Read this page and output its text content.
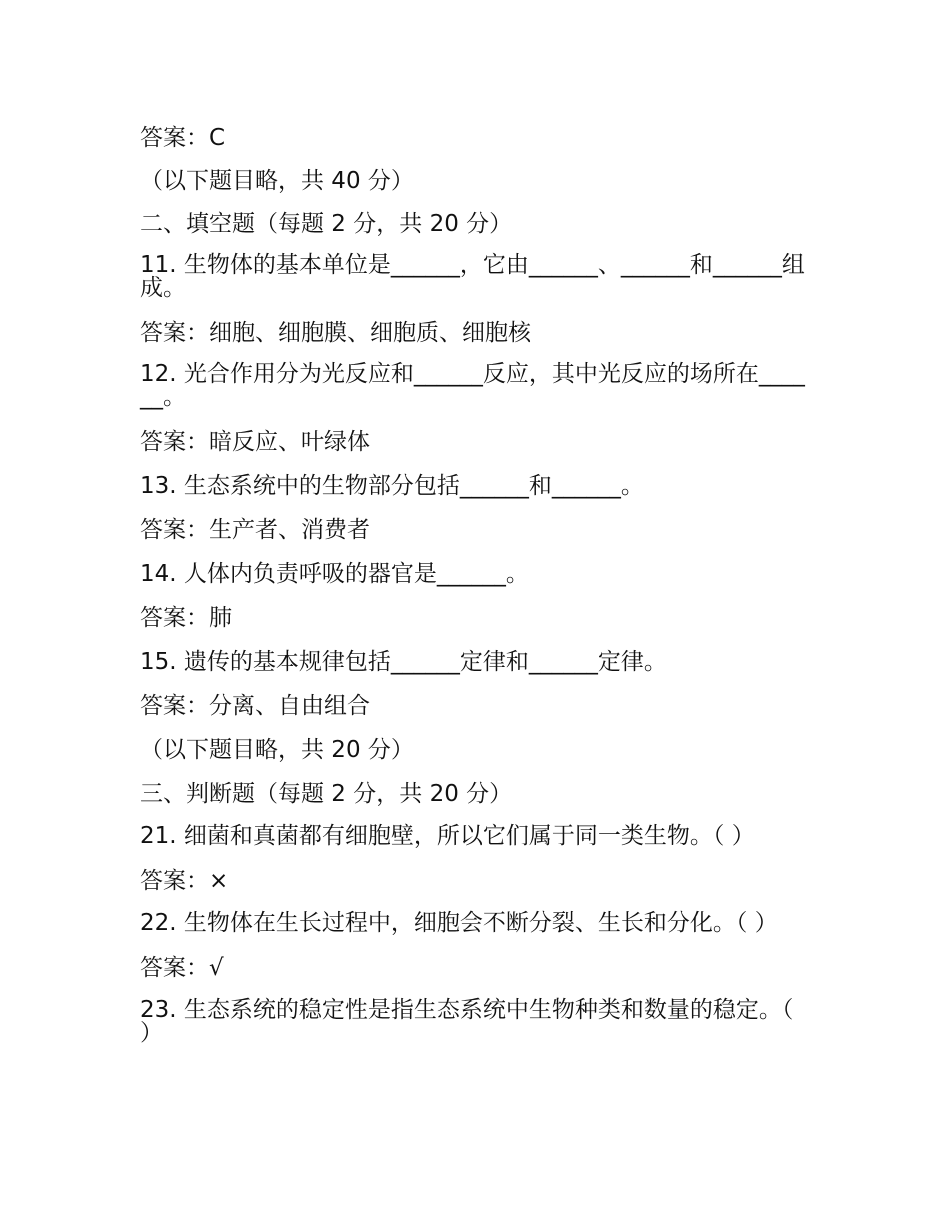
答案：C

（以下题目略，共 40 分）

二、填空题（每题 2 分，共 20 分）

11. 生物体的基本单位是______，它由______、______和______组成。

答案：细胞、细胞膜、细胞质、细胞核

12. 光合作用分为光反应和______反应，其中光反应的场所在______。

答案：暗反应、叶绿体

13. 生态系统中的生物部分包括______和______。

答案：生产者、消费者

14. 人体内负责呼吸的器官是______。

答案：肺

15. 遗传的基本规律包括______定律和______定律。

答案：分离、自由组合

（以下题目略，共 20 分）

三、判断题（每题 2 分，共 20 分）

21. 细菌和真菌都有细胞壁，所以它们属于同一类生物。（ ）

答案：×

22. 生物体在生长过程中，细胞会不断分裂、生长和分化。（ ）

答案：√

23. 生态系统的稳定性是指生态系统中生物种类和数量的稳定。（ ）
